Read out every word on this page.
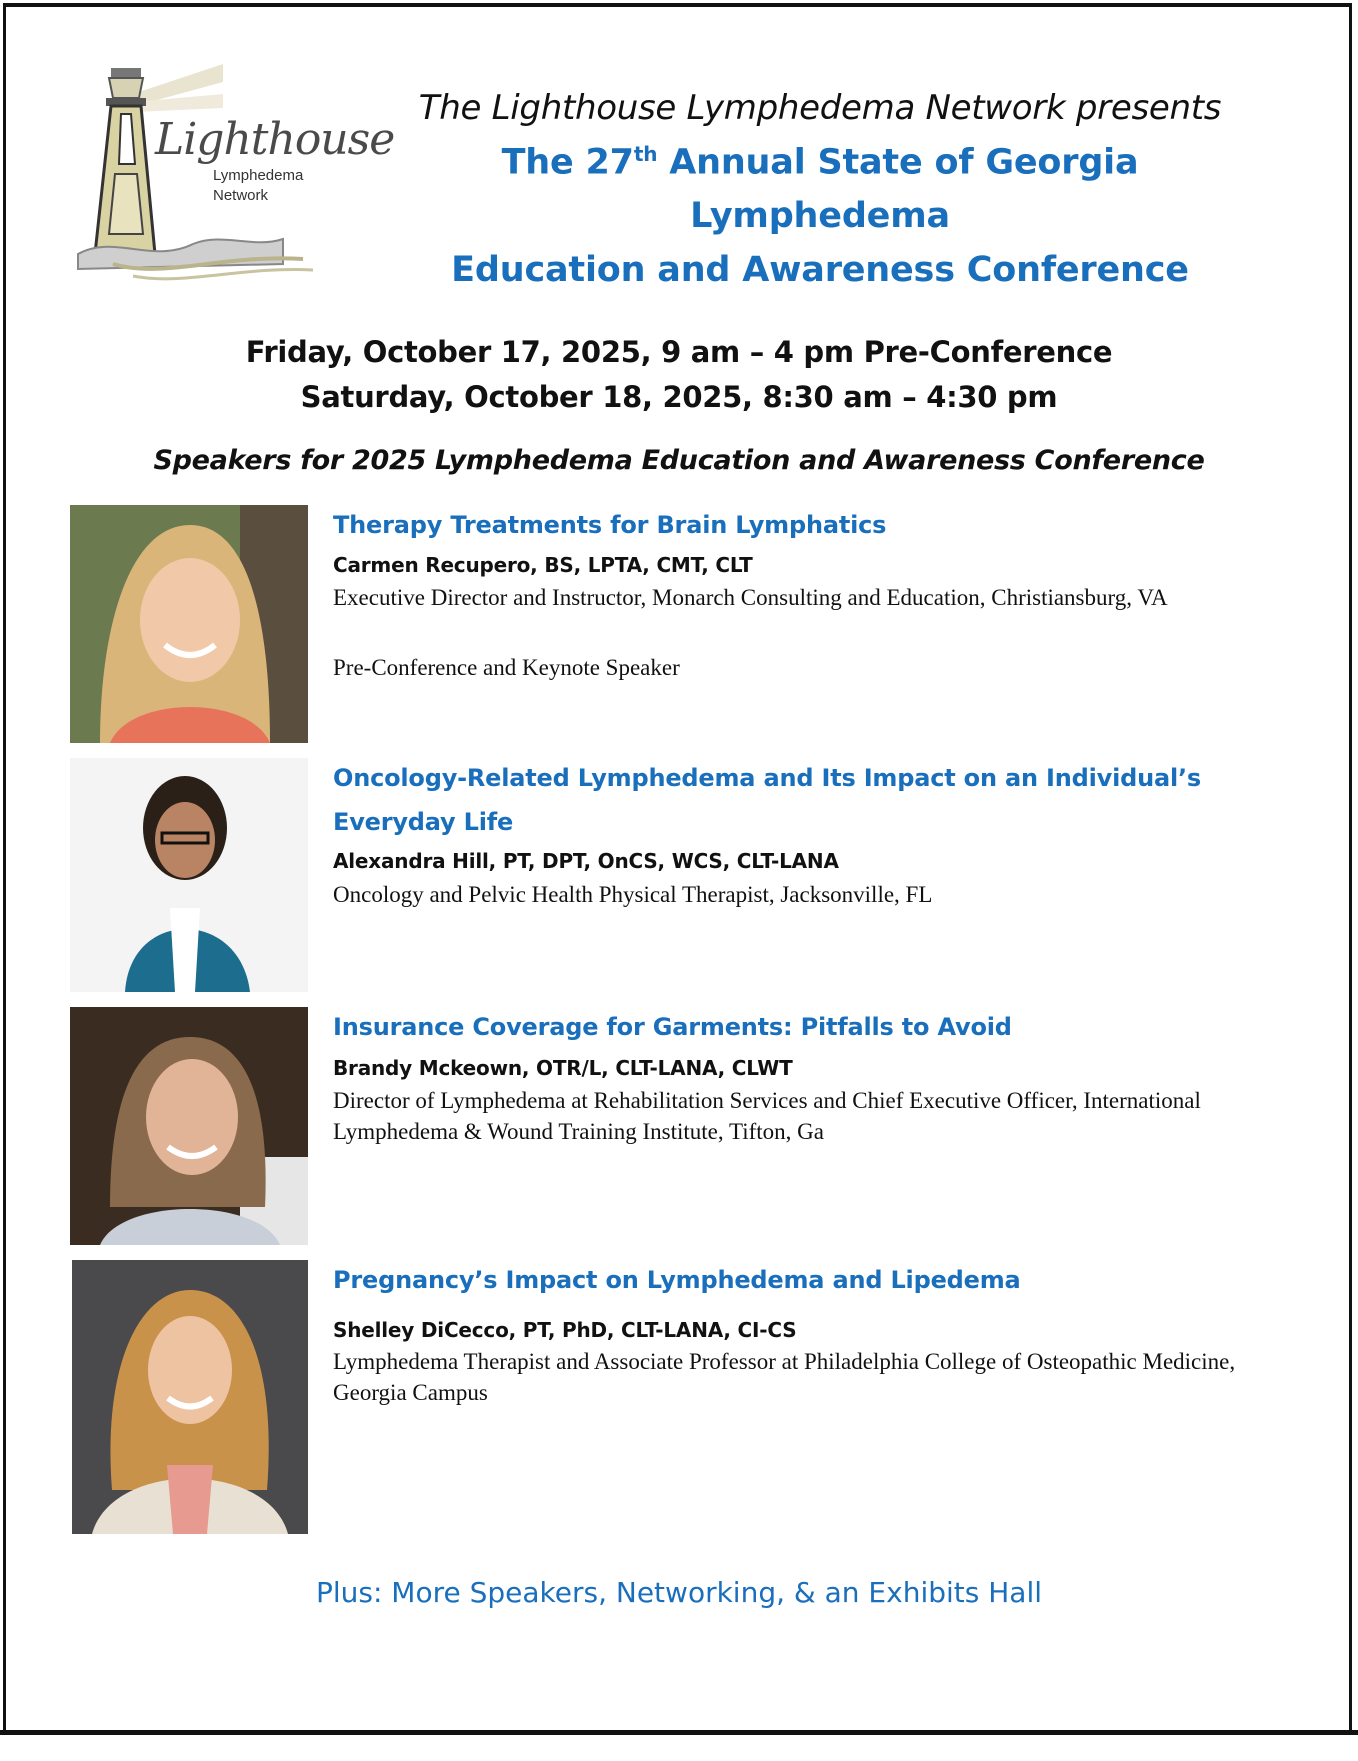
Lighthouse
Lymphedema
Network
The Lighthouse Lymphedema Network presents
The 27th Annual State of Georgia
Lymphedema
Education and Awareness Conference
Friday, October 17, 2025, 9 am – 4 pm Pre-Conference
Saturday, October 18, 2025, 8:30 am – 4:30 pm
Speakers for 2025 Lymphedema Education and Awareness Conference
Therapy Treatments for Brain Lymphatics
Carmen Recupero, BS, LPTA, CMT, CLT
Executive Director and Instructor, Monarch Consulting and Education, Christiansburg, VA
Pre-Conference and Keynote Speaker
Oncology-Related Lymphedema and Its Impact on an Individual’s Everyday Life
Alexandra Hill, PT, DPT, OnCS, WCS, CLT-LANA
Oncology and Pelvic Health Physical Therapist, Jacksonville, FL
Insurance Coverage for Garments: Pitfalls to Avoid
Brandy Mckeown, OTR/L, CLT-LANA, CLWT
Director of Lymphedema at Rehabilitation Services and Chief Executive Officer, International Lymphedema & Wound Training Institute, Tifton, Ga
Pregnancy’s Impact on Lymphedema and Lipedema
Shelley DiCecco, PT, PhD, CLT-LANA, CI-CS
Lymphedema Therapist and Associate Professor at Philadelphia College of Osteopathic Medicine, Georgia Campus
Plus: More Speakers, Networking, & an Exhibits Hall
